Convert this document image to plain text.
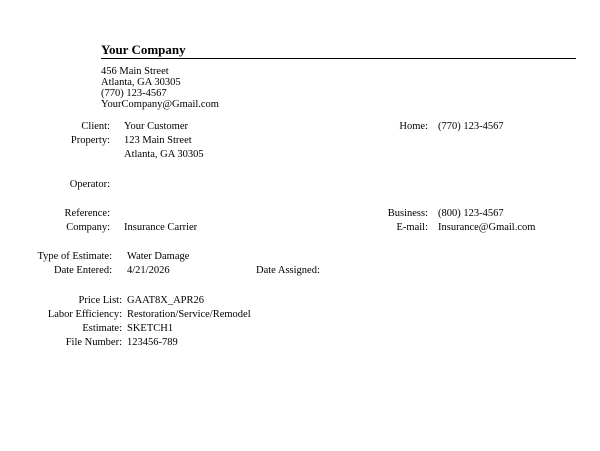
Your Company
456 Main Street
Atlanta, GA 30305
(770) 123-4567
YourCompany@Gmail.com
Client: Your Customer
Property: 123 Main Street
Atlanta, GA 30305
Home: (770) 123-4567
Operator:
Reference:
Company: Insurance Carrier
Business: (800) 123-4567
E-mail: Insurance@Gmail.com
Type of Estimate: Water Damage
Date Entered: 4/21/2026	Date Assigned:
Price List: GAAT8X_APR26
Labor Efficiency: Restoration/Service/Remodel
Estimate: SKETCH1
File Number: 123456-789
